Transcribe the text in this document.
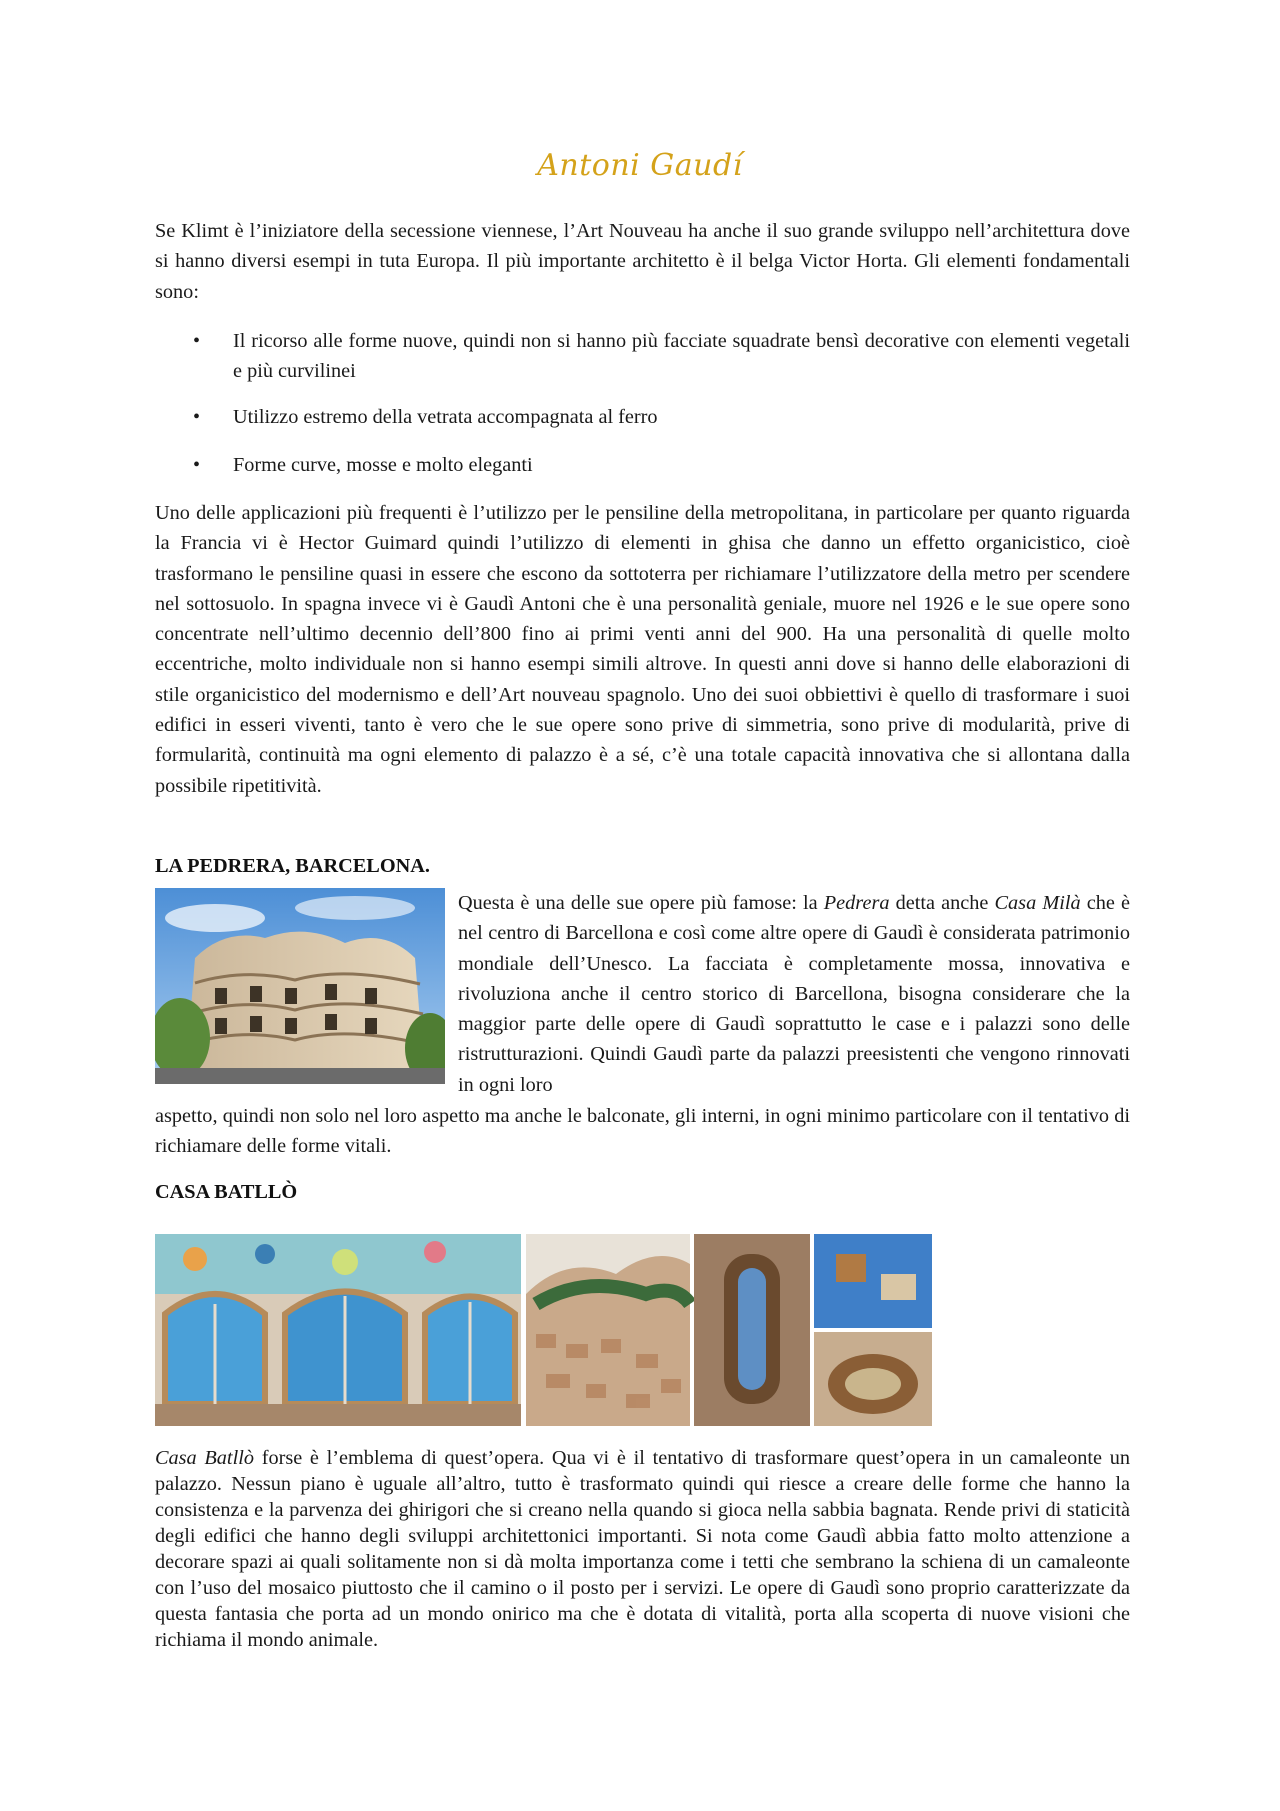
Antoni Gaudí

Se Klimt è l’iniziatore della secessione viennese, l’Art Nouveau ha anche il suo grande sviluppo nell’architettura dove si hanno diversi esempi in tuta Europa. Il più importante architetto è il belga Victor Horta. Gli elementi fondamentali sono:

• Il ricorso alle forme nuove, quindi non si hanno più facciate squadrate bensì decorative con elementi vegetali e più curvilinei

• Utilizzo estremo della vetrata accompagnata al ferro

• Forme curve, mosse e molto eleganti

Uno delle applicazioni più frequenti è l’utilizzo per le pensiline della metropolitana, in particolare per quanto riguarda la Francia vi è Hector Guimard quindi l’utilizzo di elementi in ghisa che danno un effetto organicistico, cioè trasformano le pensiline quasi in essere che escono da sottoterra per richiamare l’utilizzatore della metro per scendere nel sottosuolo. In spagna invece vi è Gaudì Antoni che è una personalità geniale, muore nel 1926 e le sue opere sono concentrate nell’ultimo decennio dell’800 fino ai primi venti anni del 900. Ha una personalità di quelle molto eccentriche, molto individuale non si hanno esempi simili altrove. In questi anni dove si hanno delle elaborazioni di stile organicistico del modernismo e dell’Art nouveau spagnolo. Uno dei suoi obbiettivi è quello di trasformare i suoi edifici in esseri viventi, tanto è vero che le sue opere sono prive di simmetria, sono prive di modularità, prive di formularità, continuità ma ogni elemento di palazzo è a sé, c’è una totale capacità innovativa che si allontana dalla possibile ripetitività.

LA PEDRERA, BARCELONA.

Questa è una delle sue opere più famose: la Pedrera detta anche Casa Milà che è nel centro di Barcellona e così come altre opere di Gaudì è considerata patrimonio mondiale dell’Unesco. La facciata è completamente mossa, innovativa e rivoluziona anche il centro storico di Barcellona, bisogna considerare che la maggior parte delle opere di Gaudì soprattutto le case e i palazzi sono delle ristrutturazioni. Quindi Gaudì parte da palazzi preesistenti che vengono rinnovati in ogni loro

aspetto, quindi non solo nel loro aspetto ma anche le balconate, gli interni, in ogni minimo particolare con il tentativo di richiamare delle forme vitali.

CASA BATLLÒ

Casa Batllò forse è l’emblema di quest’opera. Qua vi è il tentativo di trasformare quest’opera in un camaleonte un palazzo. Nessun piano è uguale all’altro, tutto è trasformato quindi qui riesce a creare delle forme che hanno la consistenza e la parvenza dei ghirigori che si creano nella quando si gioca nella sabbia bagnata. Rende privi di staticità degli edifici che hanno degli sviluppi architettonici importanti. Si nota come Gaudì abbia fatto molto attenzione a decorare spazi ai quali solitamente non si dà molta importanza come i tetti che sembrano la schiena di un camaleonte con l’uso del mosaico piuttosto che il camino o il posto per i servizi. Le opere di Gaudì sono proprio caratterizzate da questa fantasia che porta ad un mondo onirico ma che è dotata di vitalità, porta alla scoperta di nuove visioni che richiama il mondo animale.
